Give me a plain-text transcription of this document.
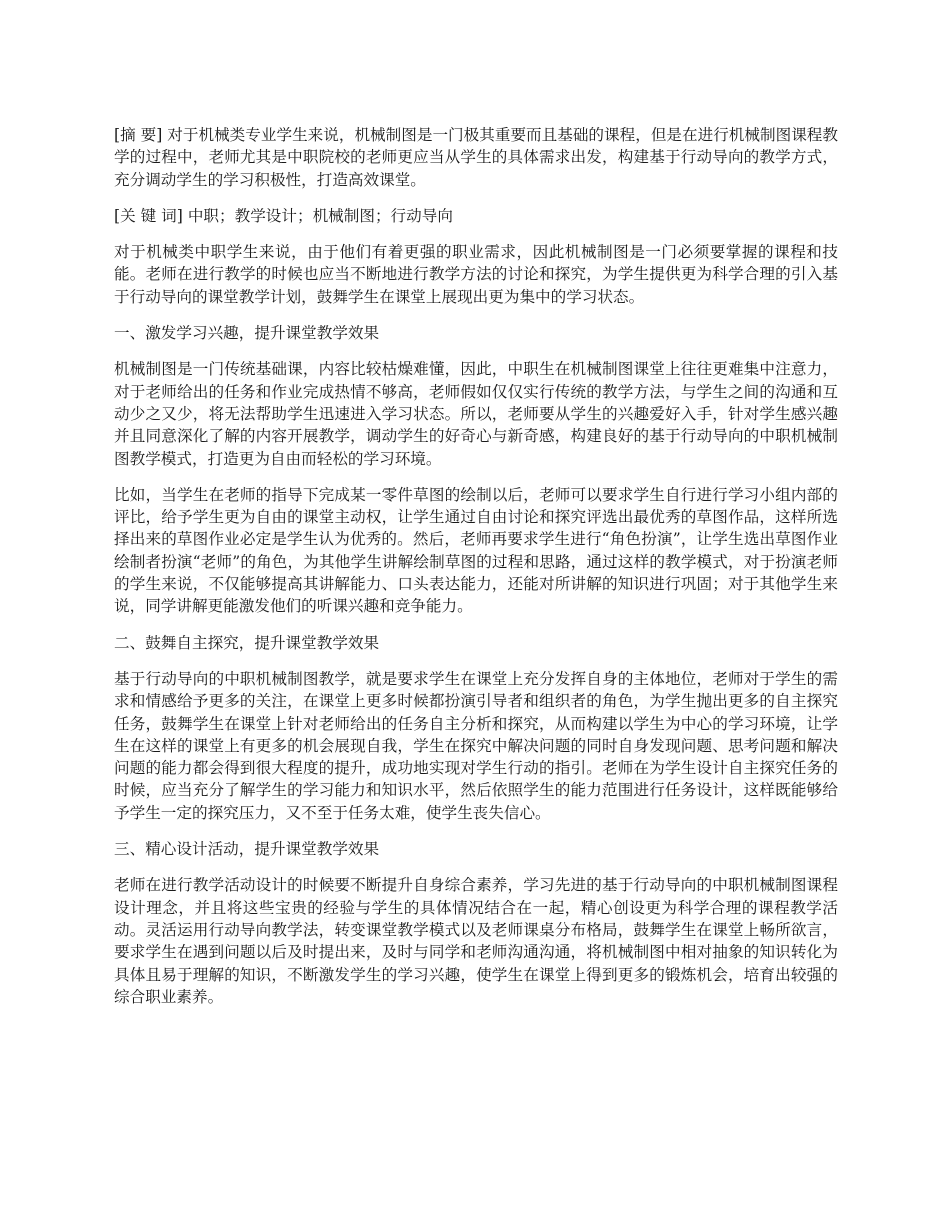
[摘 要] 对于机械类专业学生来说，机械制图是一门极其重要而且基础的课程，但是在进行机械制图课程教学的过程中，老师尤其是中职院校的老师更应当从学生的具体需求出发，构建基于行动导向的教学方式，充分调动学生的学习积极性，打造高效课堂。

[关 键 词] 中职；教学设计；机械制图；行动导向

对于机械类中职学生来说，由于他们有着更强的职业需求，因此机械制图是一门必须要掌握的课程和技能。老师在进行教学的时候也应当不断地进行教学方法的讨论和探究，为学生提供更为科学合理的引入基于行动导向的课堂教学计划，鼓舞学生在课堂上展现出更为集中的学习状态。

一、激发学习兴趣，提升课堂教学效果

机械制图是一门传统基础课，内容比较枯燥难懂，因此，中职生在机械制图课堂上往往更难集中注意力，对于老师给出的任务和作业完成热情不够高，老师假如仅仅实行传统的教学方法，与学生之间的沟通和互动少之又少，将无法帮助学生迅速进入学习状态。所以，老师要从学生的兴趣爱好入手，针对学生感兴趣并且同意深化了解的内容开展教学，调动学生的好奇心与新奇感，构建良好的基于行动导向的中职机械制图教学模式，打造更为自由而轻松的学习环境。

比如，当学生在老师的指导下完成某一零件草图的绘制以后，老师可以要求学生自行进行学习小组内部的评比，给予学生更为自由的课堂主动权，让学生通过自由讨论和探究评选出最优秀的草图作品，这样所选择出来的草图作业必定是学生认为优秀的。然后，老师再要求学生进行“角色扮演”，让学生选出草图作业绘制者扮演“老师”的角色，为其他学生讲解绘制草图的过程和思路，通过这样的教学模式，对于扮演老师的学生来说，不仅能够提高其讲解能力、口头表达能力，还能对所讲解的知识进行巩固；对于其他学生来说，同学讲解更能激发他们的听课兴趣和竞争能力。

二、鼓舞自主探究，提升课堂教学效果

基于行动导向的中职机械制图教学，就是要求学生在课堂上充分发挥自身的主体地位，老师对于学生的需求和情感给予更多的关注，在课堂上更多时候都扮演引导者和组织者的角色，为学生抛出更多的自主探究任务，鼓舞学生在课堂上针对老师给出的任务自主分析和探究，从而构建以学生为中心的学习环境，让学生在这样的课堂上有更多的机会展现自我，学生在探究中解决问题的同时自身发现问题、思考问题和解决问题的能力都会得到很大程度的提升，成功地实现对学生行动的指引。老师在为学生设计自主探究任务的时候，应当充分了解学生的学习能力和知识水平，然后依照学生的能力范围进行任务设计，这样既能够给予学生一定的探究压力，又不至于任务太难，使学生丧失信心。

三、精心设计活动，提升课堂教学效果

老师在进行教学活动设计的时候要不断提升自身综合素养，学习先进的基于行动导向的中职机械制图课程设计理念，并且将这些宝贵的经验与学生的具体情况结合在一起，精心创设更为科学合理的课程教学活动。灵活运用行动导向教学法，转变课堂教学模式以及老师课桌分布格局，鼓舞学生在课堂上畅所欲言，要求学生在遇到问题以后及时提出来，及时与同学和老师沟通沟通，将机械制图中相对抽象的知识转化为具体且易于理解的知识，不断激发学生的学习兴趣，使学生在课堂上得到更多的锻炼机会，培育出较强的综合职业素养。
